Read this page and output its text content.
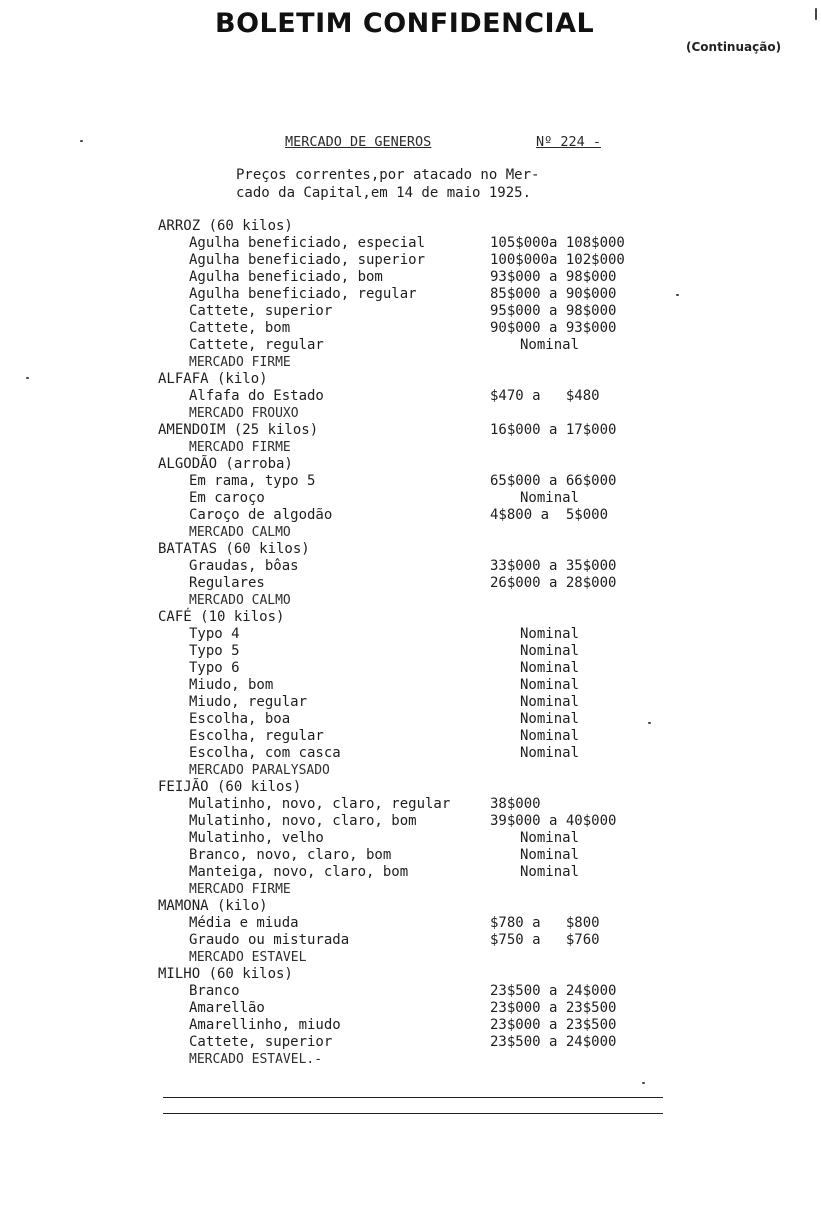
BOLETIM CONFIDENCIAL
(Continuação)
MERCADO DE GENEROS	Nº 224 -
Preços correntes,por atacado no Mer-
cado da Capital,em 14 de maio 1925.
ARROZ (60 kilos)
Agulha beneficiado, especial	105$000a 108$000
Agulha beneficiado, superior	100$000a 102$000
Agulha beneficiado, bom	93$000 a 98$000
Agulha beneficiado, regular	85$000 a 90$000
Cattete, superior	95$000 a 98$000
Cattete, bom	90$000 a 93$000
Cattete, regular	Nominal
MERCADO FIRME
ALFAFA (kilo)
Alfafa do Estado	$470 a   $480
MERCADO FROUXO
AMENDOIM (25 kilos)	16$000 a 17$000
MERCADO FIRME
ALGODÃO (arroba)
Em rama, typo 5	65$000 a 66$000
Em caroço	Nominal
Caroço de algodão	4$800 a  5$000
MERCADO CALMO
BATATAS (60 kilos)
Graudas, bôas	33$000 a 35$000
Regulares	26$000 a 28$000
MERCADO CALMO
CAFÉ (10 kilos)
Typo 4	Nominal
Typo 5	Nominal
Typo 6	Nominal
Miudo, bom	Nominal
Miudo, regular	Nominal
Escolha, boa	Nominal
Escolha, regular	Nominal
Escolha, com casca	Nominal
MERCADO PARALYSADO
FEIJÃO (60 kilos)
Mulatinho, novo, claro, regular	38$000
Mulatinho, novo, claro, bom	39$000 a 40$000
Mulatinho, velho	Nominal
Branco, novo, claro, bom	Nominal
Manteiga, novo, claro, bom	Nominal
MERCADO FIRME
MAMONA (kilo)
Média e miuda	$780 a   $800
Graudo ou misturada	$750 a   $760
MERCADO ESTAVEL
MILHO (60 kilos)
Branco	23$500 a 24$000
Amarellão	23$000 a 23$500
Amarellinho, miudo	23$000 a 23$500
Cattete, superior	23$500 a 24$000
MERCADO ESTAVEL.-
